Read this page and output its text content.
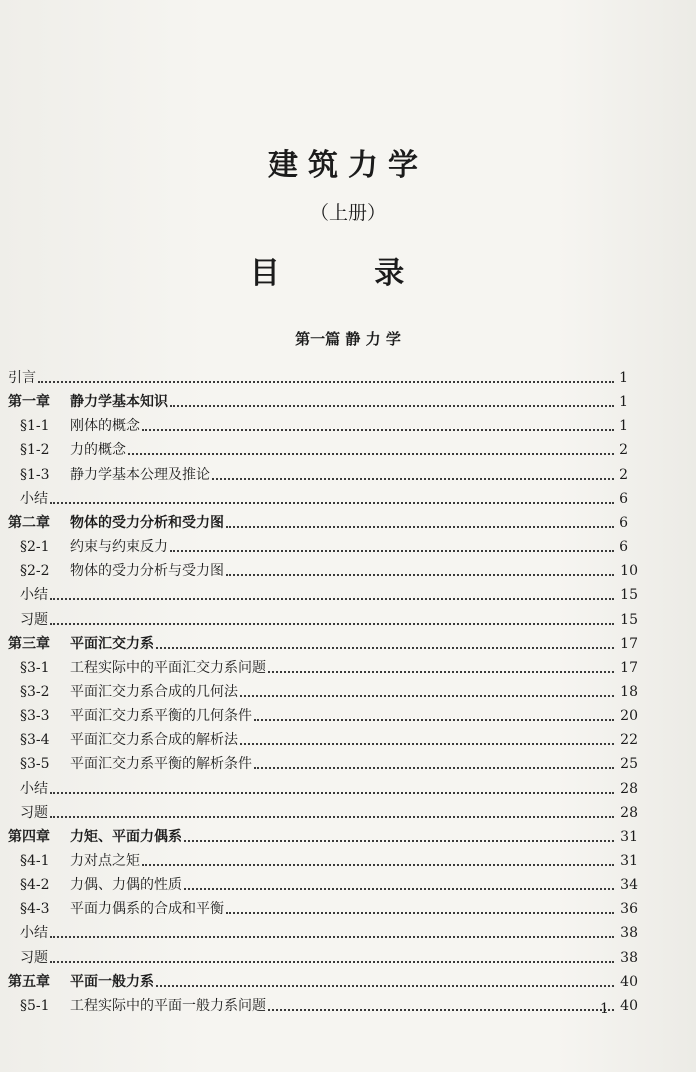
建筑力学
（上册）
目 录
第一篇 静 力 学
引言	1
第一章 静力学基本知识	1
§1-1 刚体的概念	1
§1-2 力的概念	2
§1-3 静力学基本公理及推论	2
小结	6
第二章 物体的受力分析和受力图	6
§2-1 约束与约束反力	6
§2-2 物体的受力分析与受力图	10
小结	15
习题	15
第三章 平面汇交力系	17
§3-1 工程实际中的平面汇交力系问题	17
§3-2 平面汇交力系合成的几何法	18
§3-3 平面汇交力系平衡的几何条件	20
§3-4 平面汇交力系合成的解析法	22
§3-5 平面汇交力系平衡的解析条件	25
小结	28
习题	28
第四章 力矩、平面力偶系	31
§4-1 力对点之矩	31
§4-2 力偶、力偶的性质	34
§4-3 平面力偶系的合成和平衡	36
小结	38
习题	38
第五章 平面一般力系	40
§5-1 工程实际中的平面一般力系问题	40
1
